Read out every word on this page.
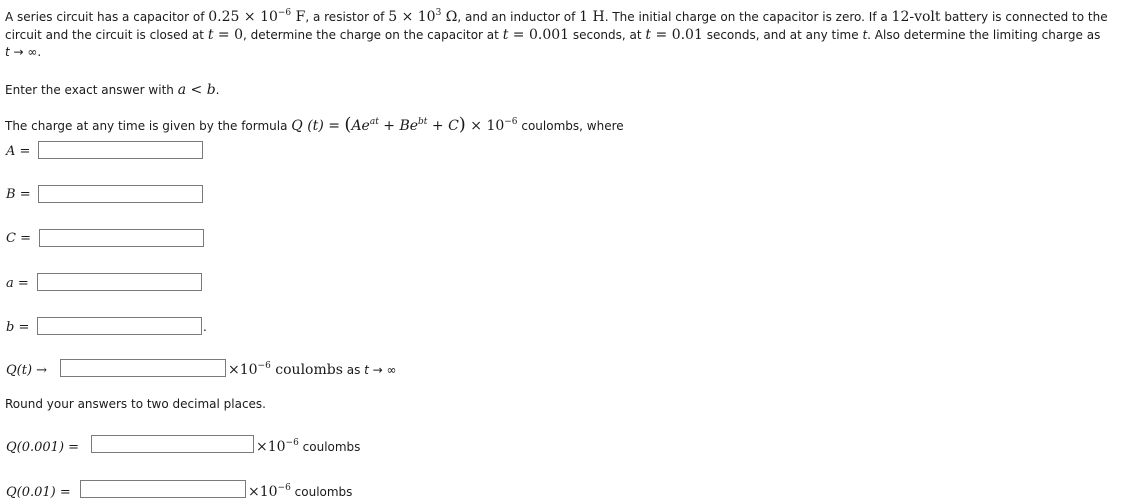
A series circuit has a capacitor of $0.25 \times 10^{-6}$ F, a resistor of $5 \times 10^3$ Ω, and an inductor of 1 H. The initial charge on the capacitor is zero. If a 12-volt battery is connected to the
circuit and the circuit is closed at t = 0, determine the charge on the capacitor at t = 0.001 seconds, at t = 0.01 seconds, and at any time t. Also determine the limiting charge as
t → ∞.
Enter the exact answer with a < b.
The charge at any time is given by the formula Q $(t) = (Ae^{at} + Be^{bt} + C) \times 10^{-6}$ coulombs, where
A =
B =
C =
a =
b =	.
Q(t) →	$\times 10^{-6}$ coulombs as t → ∞
Round your answers to two decimal places.
Q(0.001) =	$\times 10^{-6}$ coulombs
Q(0.01) =	$\times 10^{-6}$ coulombs
